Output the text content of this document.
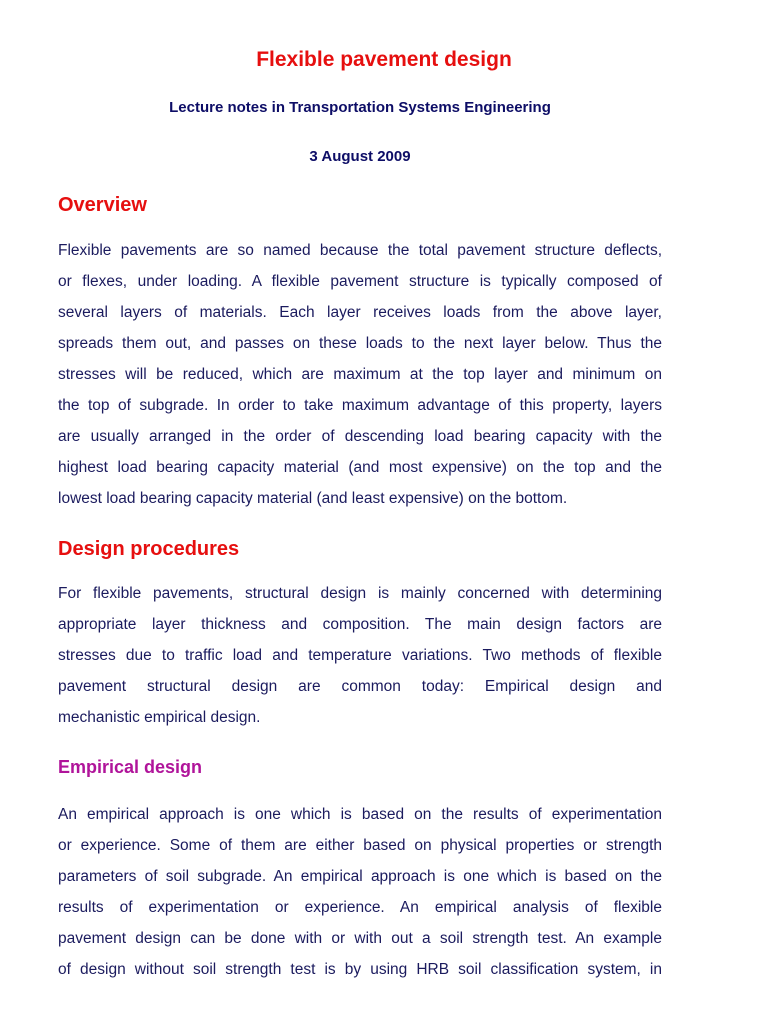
Flexible pavement design
Lecture notes in Transportation Systems Engineering
3 August 2009
Overview
Flexible pavements are so named because the total pavement structure deflects,
or flexes, under loading. A flexible pavement structure is typically composed of
several layers of materials. Each layer receives loads from the above layer,
spreads them out, and passes on these loads to the next layer below. Thus the
stresses will be reduced, which are maximum at the top layer and minimum on
the top of subgrade. In order to take maximum advantage of this property, layers
are usually arranged in the order of descending load bearing capacity with the
highest load bearing capacity material (and most expensive) on the top and the
lowest load bearing capacity material (and least expensive) on the bottom.
Design procedures
For flexible pavements, structural design is mainly concerned with determining
appropriate layer thickness and composition. The main design factors are
stresses due to traffic load and temperature variations. Two methods of flexible
pavement structural design are common today: Empirical design and
mechanistic empirical design.
Empirical design
An empirical approach is one which is based on the results of experimentation
or experience. Some of them are either based on physical properties or strength
parameters of soil subgrade. An empirical approach is one which is based on the
results of experimentation or experience. An empirical analysis of flexible
pavement design can be done with or with out a soil strength test. An example
of design without soil strength test is by using HRB soil classification system, in
